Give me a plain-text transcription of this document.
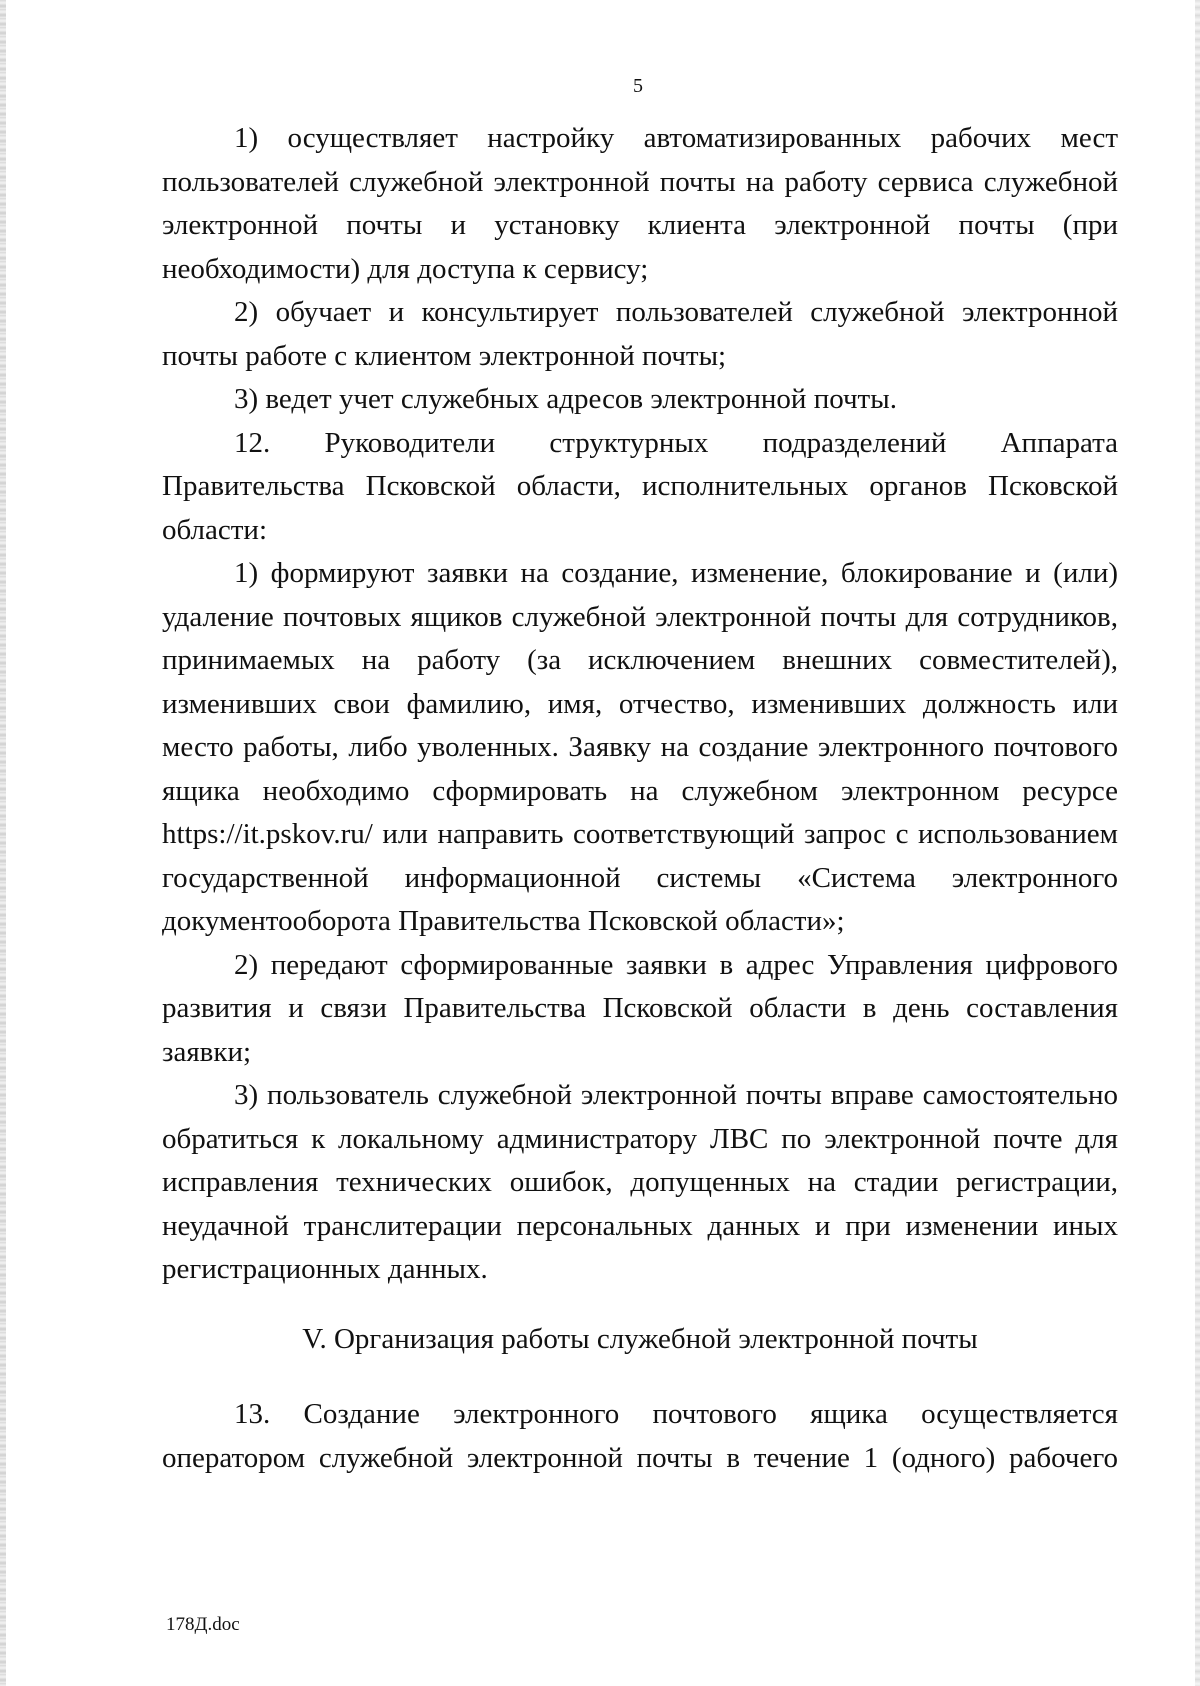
5

1) осуществляет настройку автоматизированных рабочих мест пользователей служебной электронной почты на работу сервиса служебной электронной почты и установку клиента электронной почты (при необходимости) для доступа к сервису;

2) обучает и консультирует пользователей служебной электронной почты работе с клиентом электронной почты;

3) ведет учет служебных адресов электронной почты.

12. Руководители структурных подразделений Аппарата Правительства Псковской области, исполнительных органов Псковской области:

1) формируют заявки на создание, изменение, блокирование и (или) удаление почтовых ящиков служебной электронной почты для сотрудников, принимаемых на работу (за исключением внешних совместителей), изменивших свои фамилию, имя, отчество, изменивших должность или место работы, либо уволенных. Заявку на создание электронного почтового ящика необходимо сформировать на служебном электронном ресурсе https://it.pskov.ru/ или направить соответствующий запрос с использованием государственной информационной системы «Система электронного документооборота Правительства Псковской области»;

2) передают сформированные заявки в адрес Управления цифрового развития и связи Правительства Псковской области в день составления заявки;

3) пользователь служебной электронной почты вправе самостоятельно обратиться к локальному администратору ЛВС по электронной почте для исправления технических ошибок, допущенных на стадии регистрации, неудачной транслитерации персональных данных и при изменении иных регистрационных данных.

V. Организация работы служебной электронной почты

13. Создание электронного почтового ящика осуществляется оператором служебной электронной почты в течение 1 (одного) рабочего

178Д.doc
